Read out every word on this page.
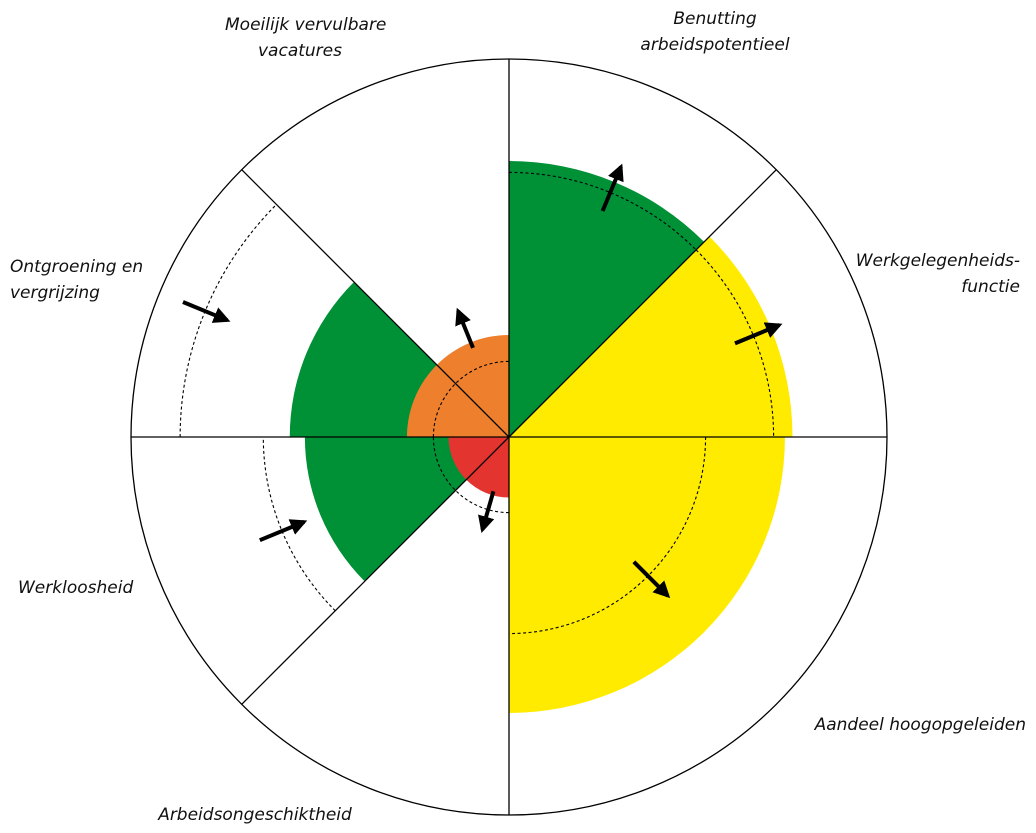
Moeilijk vervulbare
vacatures
Benutting
arbeidspotentieel
Werkgelegenheids-
functie
Aandeel hoogopgeleiden
Arbeidsongeschiktheid
Werkloosheid
Ontgroening en
vergrijzing
